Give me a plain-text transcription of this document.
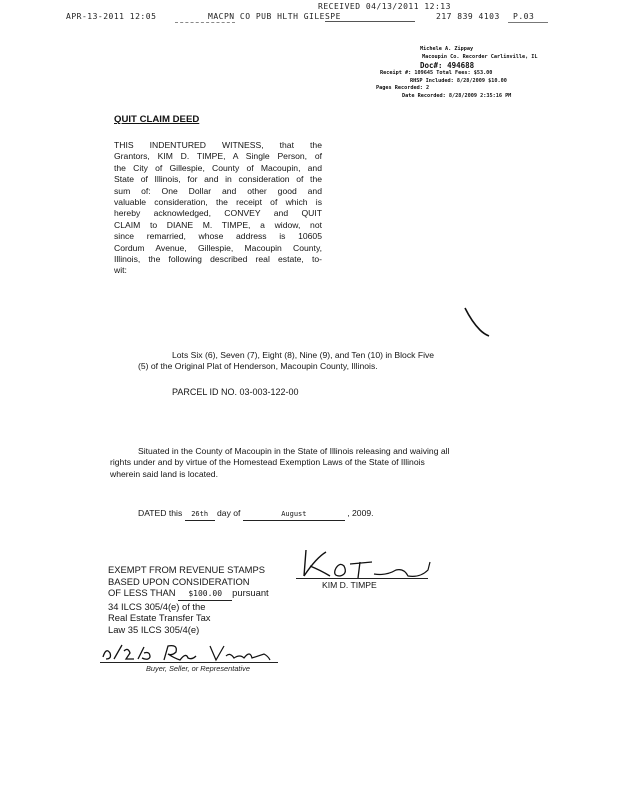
RECEIVED 04/13/2011 12:13
APR-13-2011 12:05	MACPN CO PUB HLTH GILESPE	217 839 4103 P.03
Michele A. Zippay
Macoupin Co. Recorder Carlinville, IL
Doc#: 494688
Receipt #: 109645 Total Fees: $53.00
RHSP Included: 8/28/2009 $10.00
Pages Recorded: 2
Date Recorded: 8/28/2009 2:35:16 PM
QUIT CLAIM DEED
THIS INDENTURED WITNESS, that the
Grantors, KIM D. TIMPE, A Single Person, of
the City of Gillespie, County of Macoupin, and
State of Illinois, for and in consideration of the
sum of: One Dollar and other good and
valuable consideration, the receipt of which is
hereby acknowledged, CONVEY and QUIT
CLAIM to DIANE M. TIMPE, a widow, not
since remarried, whose address is 10605
Cordum Avenue, Gillespie, Macoupin County,
Illinois, the following described real estate, to-
wit:
Lots Six (6), Seven (7), Eight (8), Nine (9), and Ten (10) in Block Five
(5) of the Original Plat of Henderson, Macoupin County, Illinois.
PARCEL ID NO. 03-003-122-00
Situated in the County of Macoupin in the State of Illinois releasing and waiving all
rights under and by virtue of the Homestead Exemption Laws of the State of Illinois
wherein said land is located.
DATED this 26th day of	August	, 2009.
EXEMPT FROM REVENUE STAMPS
BASED UPON CONSIDERATION
OF LESS THAN $100.00 pursuant
34 ILCS 305/4(e) of the
Real Estate Transfer Tax
Law 35 ILCS 305/4(e)
KIM D. TIMPE
Buyer, Seller, or Representative
